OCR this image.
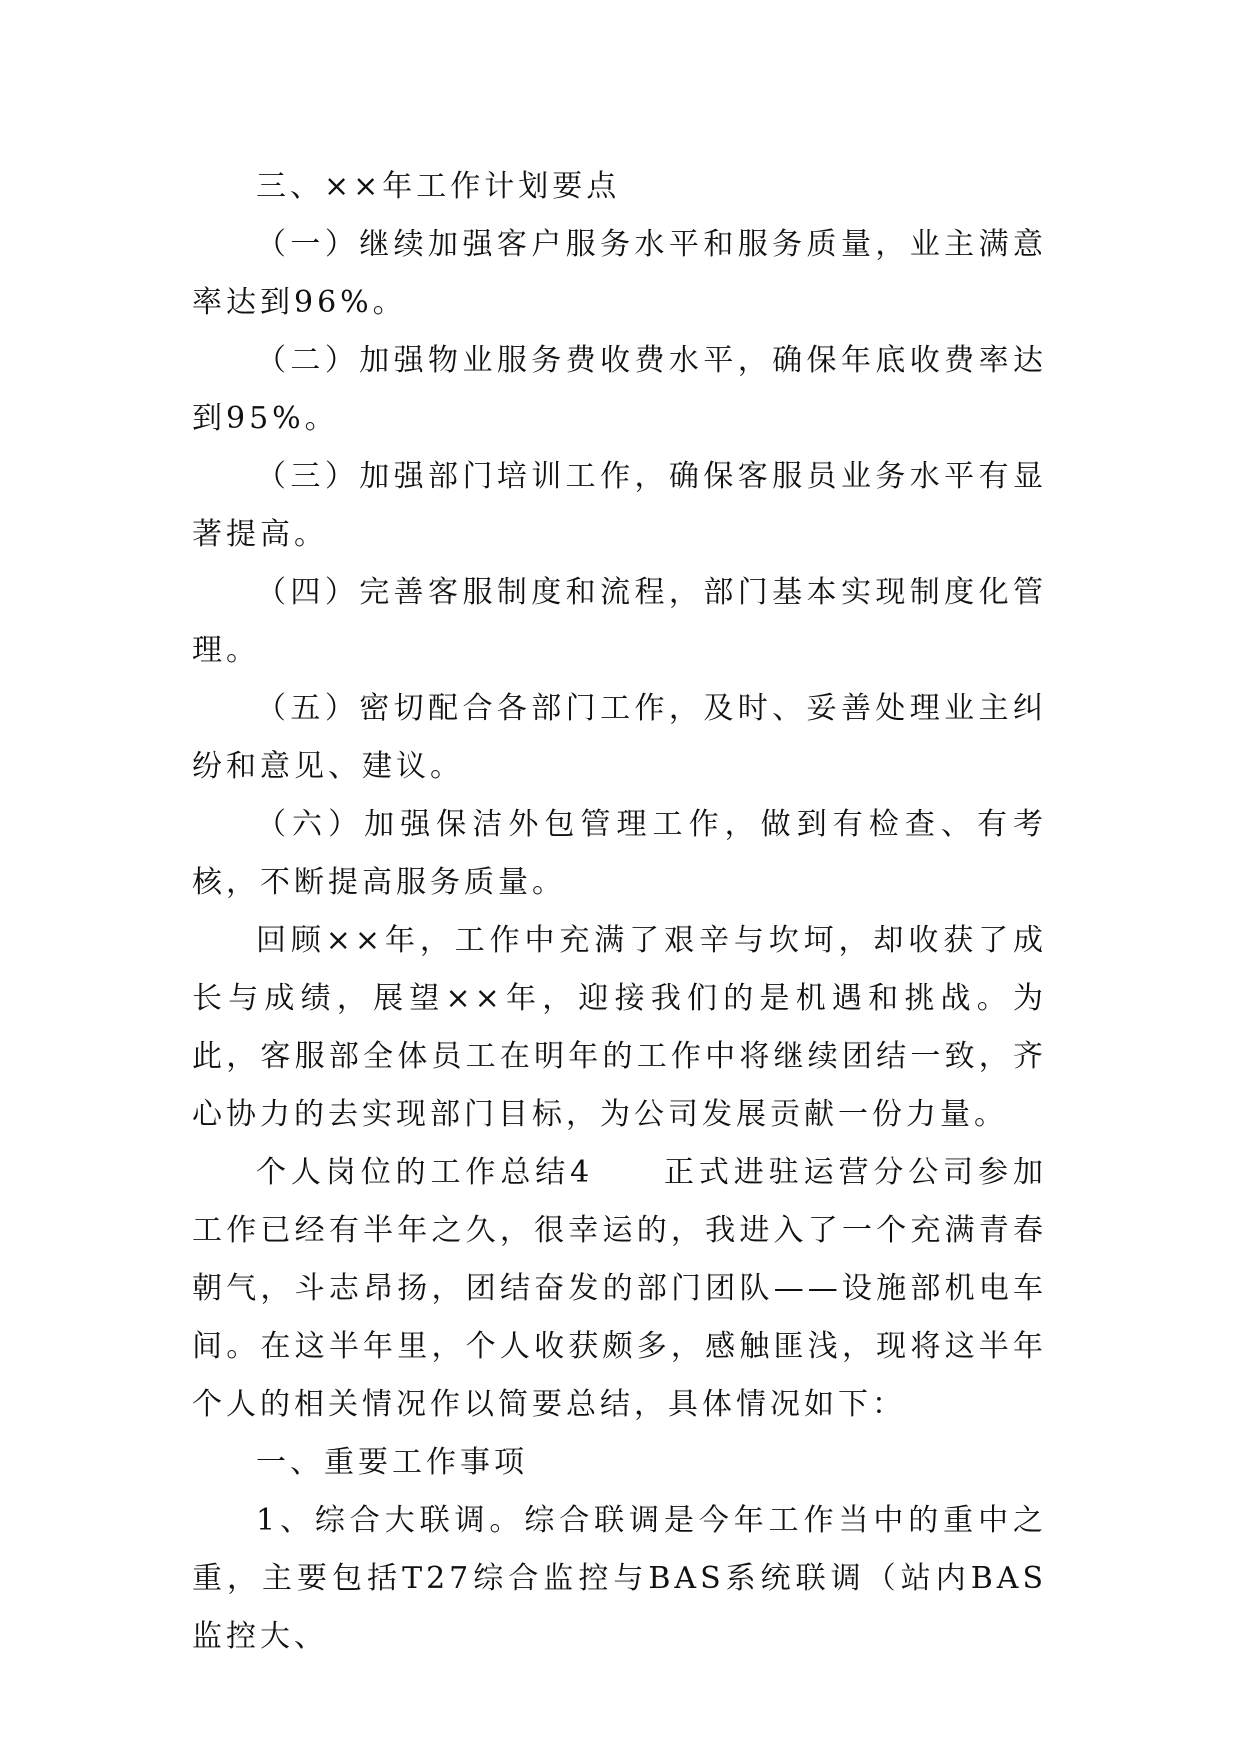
三、××年工作计划要点

（一）继续加强客户服务水平和服务质量，业主满意率达到96%。

（二）加强物业服务费收费水平，确保年底收费率达到95%。

（三）加强部门培训工作，确保客服员业务水平有显著提高。

（四）完善客服制度和流程，部门基本实现制度化管理。

（五）密切配合各部门工作，及时、妥善处理业主纠纷和意见、建议。

（六）加强保洁外包管理工作，做到有检查、有考核，不断提高服务质量。

回顾××年，工作中充满了艰辛与坎坷，却收获了成长与成绩，展望××年，迎接我们的是机遇和挑战。为此，客服部全体员工在明年的工作中将继续团结一致，齐心协力的去实现部门目标，为公司发展贡献一份力量。

个人岗位的工作总结4　　正式进驻运营分公司参加工作已经有半年之久，很幸运的，我进入了一个充满青春朝气，斗志昂扬，团结奋发的部门团队——设施部机电车间。在这半年里，个人收获颇多，感触匪浅，现将这半年个人的相关情况作以简要总结，具体情况如下：

一、重要工作事项

1、综合大联调。综合联调是今年工作当中的重中之重，主要包括T27综合监控与BAS系统联调（站内BAS监控大、
